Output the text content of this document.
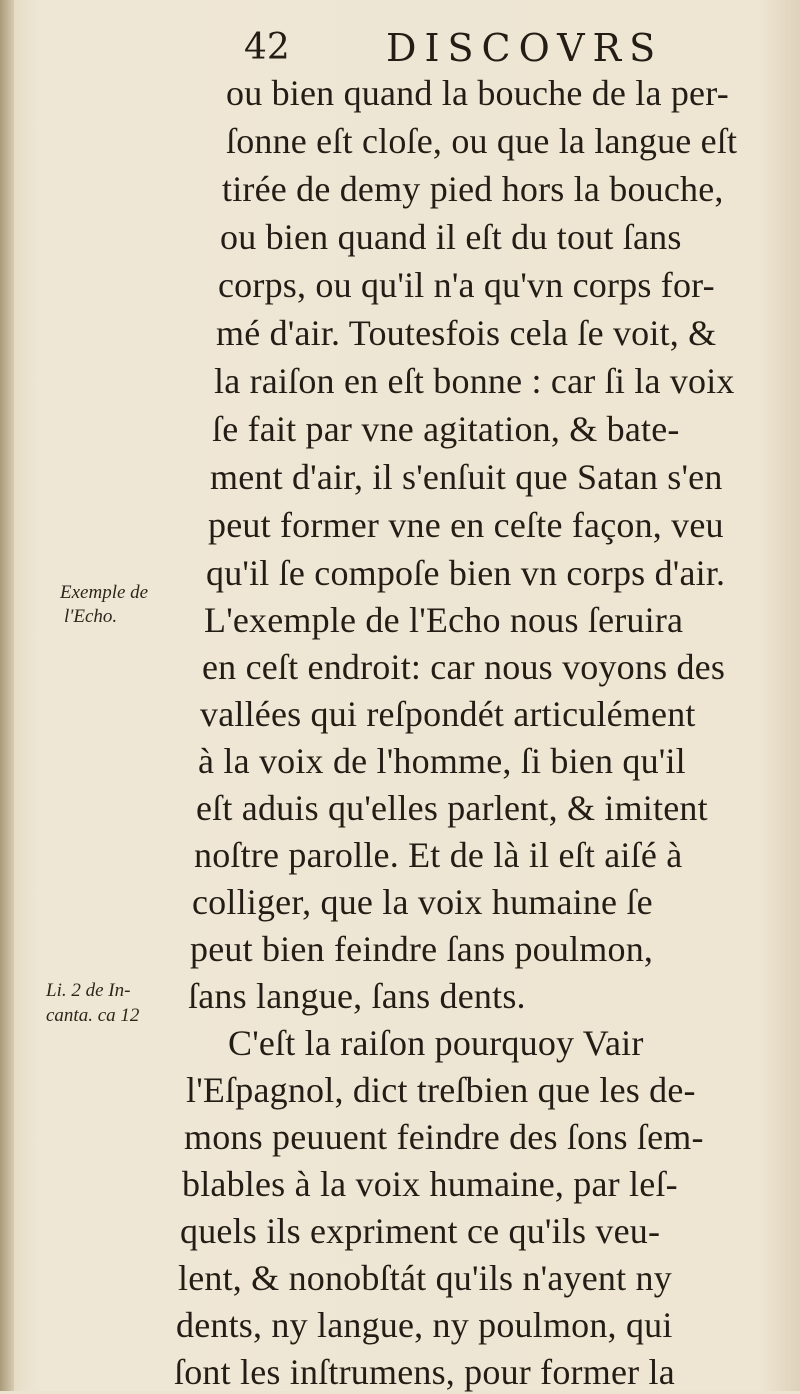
42	DISCOVRS
ou bien quand la bouche de la per-
ſonne eſt cloſe, ou que la langue eſt
tirée de demy pied hors la bouche,
ou bien quand il eſt du tout ſans
corps, ou qu'il n'a qu'vn corps for-
mé d'air. Toutesfois cela ſe voit, &
la raiſon en eſt bonne : car ſi la voix
ſe fait par vne agitation, & bate-
ment d'air, il s'enſuit que Satan s'en
peut former vne en ceſte façon, veu
qu'il ſe compoſe bien vn corps d'air.
L'exemple de l'Echo nous ſeruira
en ceſt endroit: car nous voyons des
vallées qui reſpondét articulément
à la voix de l'homme, ſi bien qu'il
eſt aduis qu'elles parlent, & imitent
noſtre parolle. Et de là il eſt aiſé à
colliger, que la voix humaine ſe
peut bien feindre ſans poulmon,
ſans langue, ſans dents.
C'eſt la raiſon pourquoy Vair
l'Eſpagnol, dict treſbien que les de-
mons peuuent feindre des ſons ſem-
blables à la voix humaine, par leſ-
quels ils expriment ce qu'ils veu-
lent, & nonobſtát qu'ils n'ayent ny
dents, ny langue, ny poulmon, qui
ſont les inſtrumens, pour former la
Exemple de
l'Echo.
Li. 2 de In-
canta. ca 12
